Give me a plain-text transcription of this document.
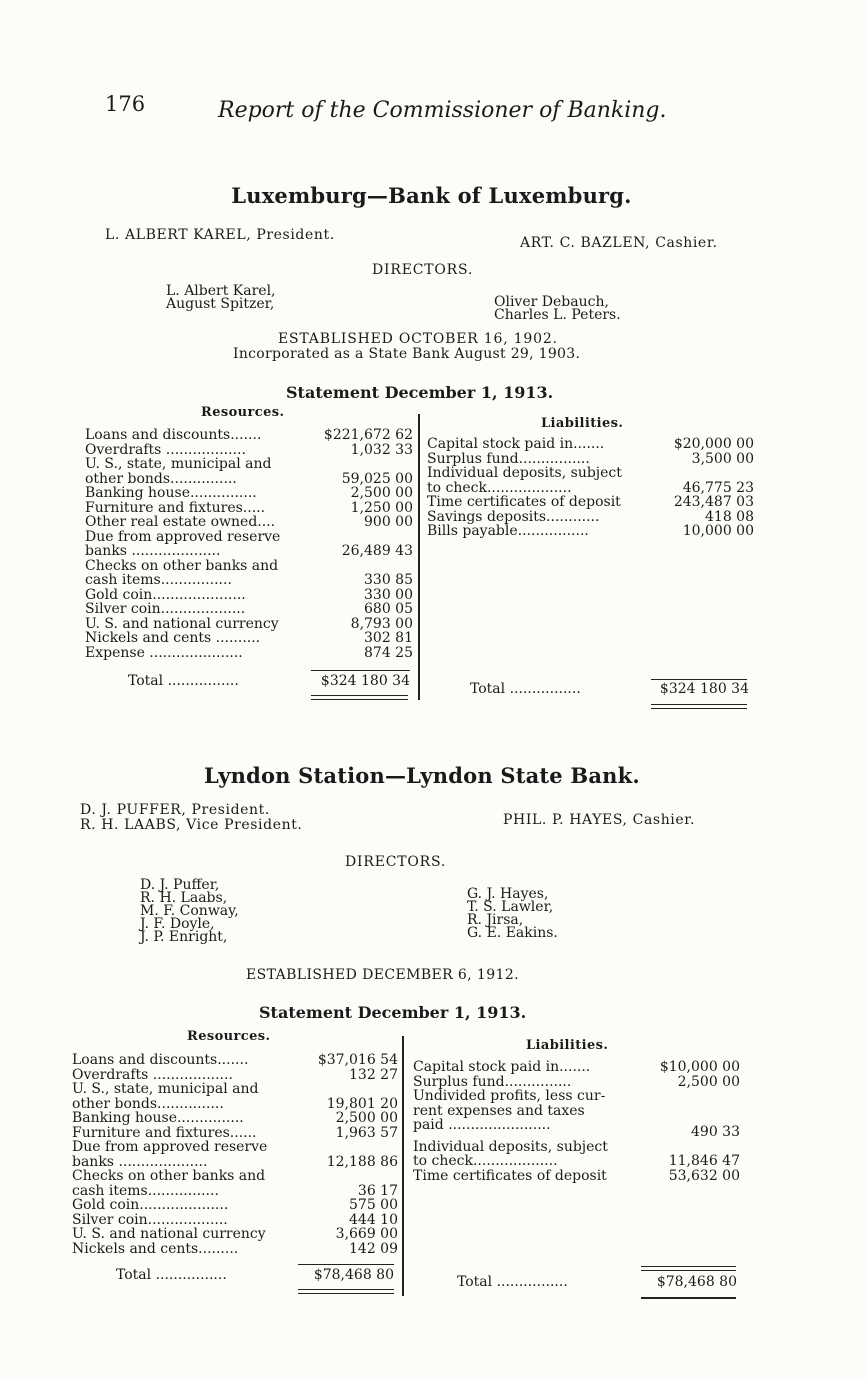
176	Report of the Commissioner of Banking.
Luxemburg—Bank of Luxemburg.
L. ALBERT KAREL, President.	ART. C. BAZLEN, Cashier.
DIRECTORS.
L. Albert Karel,
August Spitzer,	Oliver Debauch,
Charles L. Peters.
ESTABLISHED OCTOBER 16, 1902.
Incorporated as a State Bank August 29, 1903.
Statement December 1, 1913.
Resources.
Liabilities.
Loans and discounts.......	$221,672 62
Overdrafts ..................	1,032 33
U. S., state, municipal and
other bonds...............	59,025 00
Banking house...............	2,500 00
Furniture and fixtures.....	1,250 00
Other real estate owned....	900 00
Due from approved reserve
banks ....................	26,489 43
Checks on other banks and
cash items................	330 85
Gold coin.....................	330 00
Silver coin...................	680 05
U. S. and national currency	8,793 00
Nickels and cents ..........	302 81
Expense .....................	874 25
Capital stock paid in.......	$20,000 00
Surplus fund................	3,500 00
Individual deposits, subject
to check...................	46,775 23
Time certificates of deposit	243,487 03
Savings deposits............	418 08
Bills payable................	10,000 00
Total ................	$324 180 34	Total ................	$324 180 34
Lyndon Station—Lyndon State Bank.
D. J. PUFFER, President.
R. H. LAABS, Vice President.	PHIL. P. HAYES, Cashier.
DIRECTORS.
D. J. Puffer,
R. H. Laabs,
M. F. Conway,
J. F. Doyle,
J. P. Enright,
G. J. Hayes,
T. S. Lawler,
R. Jirsa,
G. E. Eakins.
ESTABLISHED DECEMBER 6, 1912.
Statement December 1, 1913.
Resources.
Liabilities.
Loans and discounts.......	$37,016 54
Overdrafts ..................	132 27
U. S., state, municipal and
other bonds...............	19,801 20
Banking house...............	2,500 00
Furniture and fixtures......	1,963 57
Due from approved reserve
banks ....................	12,188 86
Checks on other banks and
cash items................	36 17
Gold coin....................	575 00
Silver coin..................	444 10
U. S. and national currency	3,669 00
Nickels and cents.........	142 09
Capital stock paid in.......	$10,000 00
Surplus fund...............	2,500 00
Undivided profits, less cur-
rent expenses and taxes
paid .......................	490 33
Individual deposits, subject
to check...................	11,846 47
Time certificates of deposit	53,632 00
Total ................	$78,468 80	Total ................	$78,468 80
